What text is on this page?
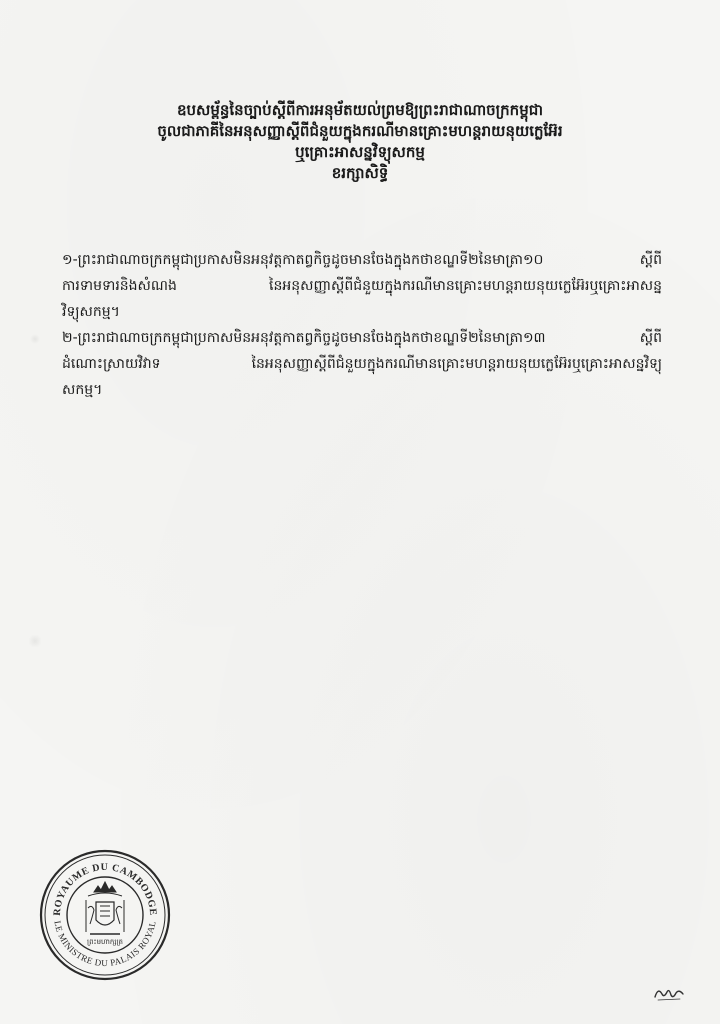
ឧបសម្ព័ន្ធនៃច្បាប់ស្ដីពីការអនុម័តយល់ព្រមឱ្យព្រះរាជាណាចក្រកម្ពុជា
ចូលជាភាគីនៃអនុសញ្ញាស្ដីពីជំនួយក្នុងករណីមានគ្រោះមហន្តរាយនុយក្លេអ៊ែរ
ឬគ្រោះអាសន្នវិទ្យុសកម្ម
ខរក្សាសិទ្ធិ

១-ព្រះរាជាណាចក្រកម្ពុជាប្រកាសមិនអនុវត្តកាតព្វកិច្ចដូចមានចែងក្នុងកថាខណ្ឌទី២នៃមាត្រា១០ ស្ដីពី
ការទាមទារនិងសំណង នៃអនុសញ្ញាស្ដីពីជំនួយក្នុងករណីមានគ្រោះមហន្តរាយនុយក្លេអ៊ែរឬគ្រោះអាសន្ន
វិទ្យុសកម្ម។

២-ព្រះរាជាណាចក្រកម្ពុជាប្រកាសមិនអនុវត្តកាតព្វកិច្ចដូចមានចែងក្នុងកថាខណ្ឌទី២នៃមាត្រា១៣ ស្ដីពី
ដំណោះស្រាយវិវាទ នៃអនុសញ្ញាស្ដីពីជំនួយក្នុងករណីមានគ្រោះមហន្តរាយនុយក្លេអ៊ែរឬគ្រោះអាសន្នវិទ្យុ
សកម្ម។

ROYAUME DU CAMBODGE
LE MINISTRE DU PALAIS ROYAL
ព្រះមហាក្សត្រ
